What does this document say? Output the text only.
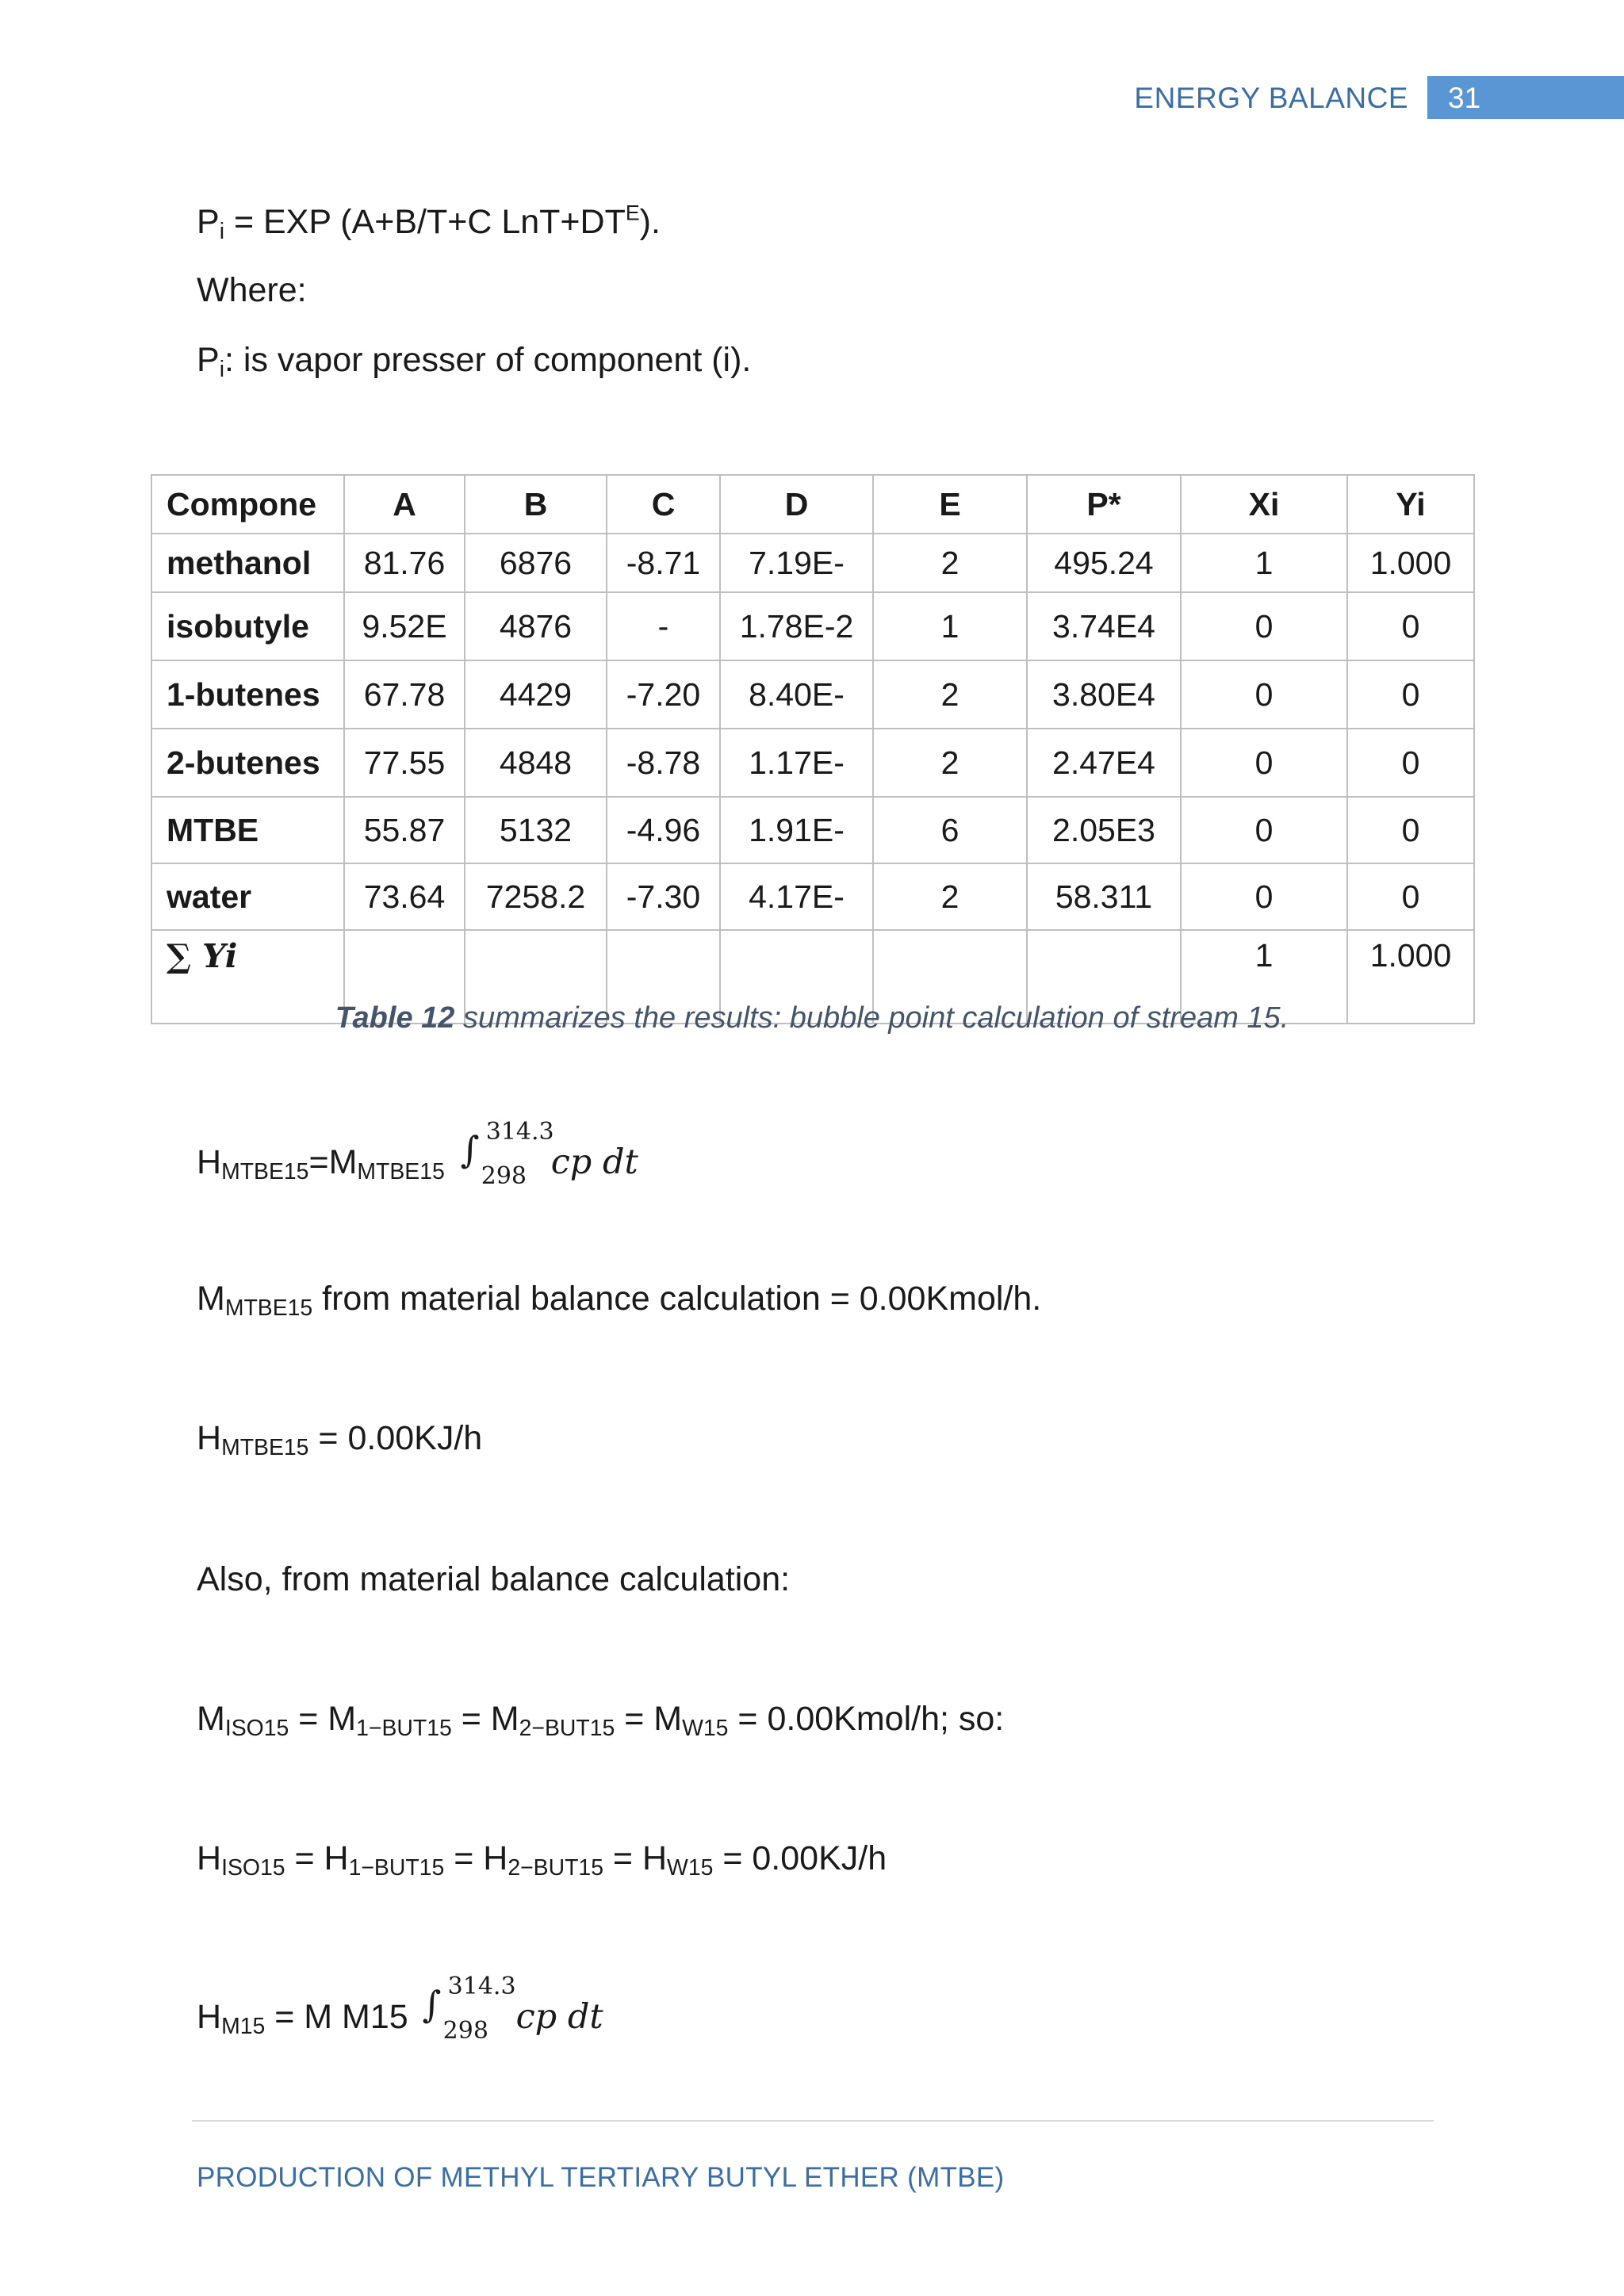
ENERGY BALANCE 31
$P_i$ = EXP (A+B/T+C $LnT+DT^E$).
Where:
$P_i$: is vapor presser of component (i).
Compone	A	B	C	D	E	P*	Xi	Yi
methanol	81.76	6876	-8.71	7.19E-	2	495.24	1	1.000
isobutyle	9.52E	4876	-	1.78E-2	1	3.74E4	0	0
1-butenes	67.78	4429	-7.20	8.40E-	2	3.80E4	0	0
2-butenes	77.55	4848	-8.78	1.17E-	2	2.47E4	0	0
MTBE	55.87	5132	-4.96	1.91E-	6	2.05E3	0	0
water	73.64	7258.2	-7.30	4.17E-	2	58.311	0	0
∑ Yi							1	1.000
Table 12 summarizes the results: bubble point calculation of stream 15.
$H_{MTBE15}=M_{MTBE15}$
∫ 314.3
298 cp dt
$M_{MTBE15}$ from material balance calculation = 0.00Kmol/h.
$H_{MTBE15} = 0.00KJ/h$
Also, from material balance calculation:
$M_{ISO15} = M_{1-BUT15} = M_{2-BUT15} = M_{W15}$ = 0.00Kmol/h; so:
$H_{ISO15} = H_{1-BUT15} = H_{2-BUT15} = H_{W15} = 0.00KJ/h$
$H_{M15} = M$ M15 ∫ 314.3
298 cp dt
PRODUCTION OF METHYL TERTIARY BUTYL ETHER (MTBE)
